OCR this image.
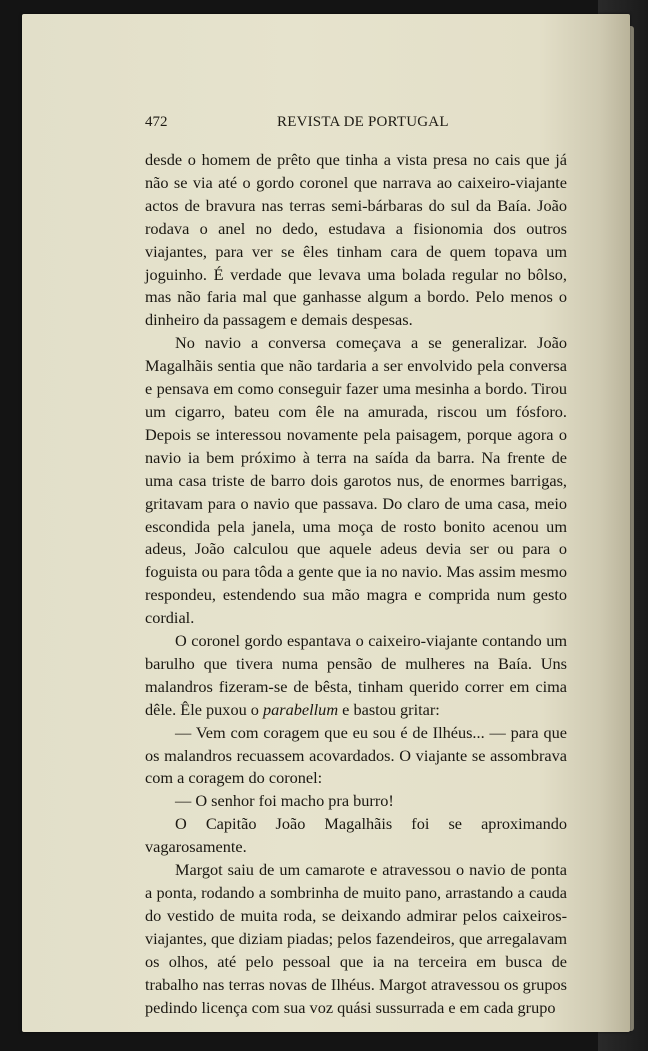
472	REVISTA DE PORTUGAL

desde o homem de prêto que tinha a vista presa no cais que já não se via até o gordo coronel que narrava ao caixeiro-viajante actos de bravura nas terras semi-bárbaras do sul da Baía. João rodava o anel no dedo, estudava a fisionomia dos outros viajantes, para ver se êles tinham cara de quem topava um joguinho. É verdade que levava uma bolada regular no bôlso, mas não faria mal que ganhasse algum a bordo. Pelo menos o dinheiro da passagem e demais despesas.

No navio a conversa começava a se generalizar. João Magalhãis sentia que não tardaria a ser envolvido pela conversa e pensava em como conseguir fazer uma mesinha a bordo. Tirou um cigarro, bateu com êle na amurada, riscou um fósforo. Depois se interessou novamente pela paisagem, porque agora o navio ia bem próximo à terra na saída da barra. Na frente de uma casa triste de barro dois garotos nus, de enormes barrigas, gritavam para o navio que passava. Do claro de uma casa, meio escondida pela janela, uma moça de rosto bonito acenou um adeus, João calculou que aquele adeus devia ser ou para o foguista ou para tôda a gente que ia no navio. Mas assim mesmo respondeu, estendendo sua mão magra e comprida num gesto cordial.

O coronel gordo espantava o caixeiro-viajante contando um barulho que tivera numa pensão de mulheres na Baía. Uns malandros fizeram-se de bêsta, tinham querido correr em cima dêle. Êle puxou o parabellum e bastou gritar:

— Vem com coragem que eu sou é de Ilhéus... — para que os malandros recuassem acovardados. O viajante se assombrava com a coragem do coronel:

— O senhor foi macho pra burro!

O Capitão João Magalhãis foi se aproximando vagarosamente.

Margot saiu de um camarote e atravessou o navio de ponta a ponta, rodando a sombrinha de muito pano, arrastando a cauda do vestido de muita roda, se deixando admirar pelos caixeiros-viajantes, que diziam piadas; pelos fazendeiros, que arregalavam os olhos, até pelo pessoal que ia na terceira em busca de trabalho nas terras novas de Ilhéus. Margot atravessou os grupos pedindo licença com sua voz quási sussurrada e em cada grupo
